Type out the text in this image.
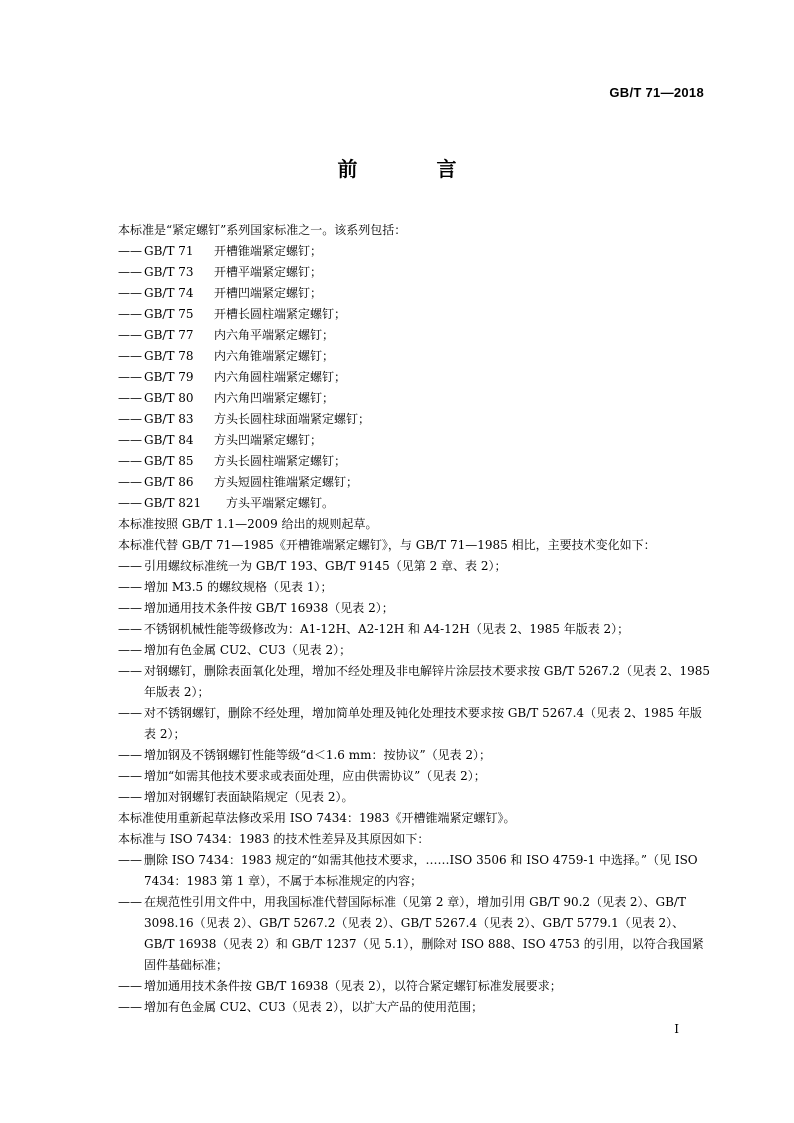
GB/T 71—2018
前 言
本标准是“紧定螺钉”系列国家标准之一。该系列包括：
—— GB/T 71 开槽锥端紧定螺钉；
—— GB/T 73 开槽平端紧定螺钉；
—— GB/T 74 开槽凹端紧定螺钉；
—— GB/T 75 开槽长圆柱端紧定螺钉；
—— GB/T 77 内六角平端紧定螺钉；
—— GB/T 78 内六角锥端紧定螺钉；
—— GB/T 79 内六角圆柱端紧定螺钉；
—— GB/T 80 内六角凹端紧定螺钉；
—— GB/T 83 方头长圆柱球面端紧定螺钉；
—— GB/T 84 方头凹端紧定螺钉；
—— GB/T 85 方头长圆柱端紧定螺钉；
—— GB/T 86 方头短圆柱锥端紧定螺钉；
—— GB/T 821 方头平端紧定螺钉。
本标准按照 GB/T 1.1—2009 给出的规则起草。
本标准代替 GB/T 71—1985《开槽锥端紧定螺钉》，与 GB/T 71—1985 相比，主要技术变化如下：
—— 引用螺纹标准统一为 GB/T 193、GB/T 9145（见第 2 章、表 2）；
—— 增加 M3.5 的螺纹规格（见表 1）；
—— 增加通用技术条件按 GB/T 16938（见表 2）；
—— 不锈钢机械性能等级修改为：A1-12H、A2-12H 和 A4-12H（见表 2、1985 年版表 2）；
—— 增加有色金属 CU2、CU3（见表 2）；
—— 对钢螺钉，删除表面氧化处理，增加不经处理及非电解锌片涂层技术要求按 GB/T 5267.2（见表 2、1985 年版表 2）；
—— 对不锈钢螺钉，删除不经处理，增加简单处理及钝化处理技术要求按 GB/T 5267.4（见表 2、1985 年版表 2）；
—— 增加钢及不锈钢螺钉性能等级“d＜1.6 mm：按协议”（见表 2）；
—— 增加“如需其他技术要求或表面处理，应由供需协议”（见表 2）；
—— 增加对钢螺钉表面缺陷规定（见表 2）。
本标准使用重新起草法修改采用 ISO 7434：1983《开槽锥端紧定螺钉》。
本标准与 ISO 7434：1983 的技术性差异及其原因如下：
—— 删除 ISO 7434：1983 规定的“如需其他技术要求，……ISO 3506 和 ISO 4759-1 中选择。”（见 ISO 7434：1983 第 1 章），不属于本标准规定的内容；
—— 在规范性引用文件中，用我国标准代替国际标准（见第 2 章），增加引用 GB/T 90.2（见表 2）、GB/T 3098.16（见表 2）、GB/T 5267.2（见表 2）、GB/T 5267.4（见表 2）、GB/T 5779.1（见表 2）、GB/T 16938（见表 2）和 GB/T 1237（见 5.1），删除对 ISO 888、ISO 4753 的引用，以符合我国紧固件基础标准；
—— 增加通用技术条件按 GB/T 16938（见表 2），以符合紧定螺钉标准发展要求；
—— 增加有色金属 CU2、CU3（见表 2），以扩大产品的使用范围；
I
